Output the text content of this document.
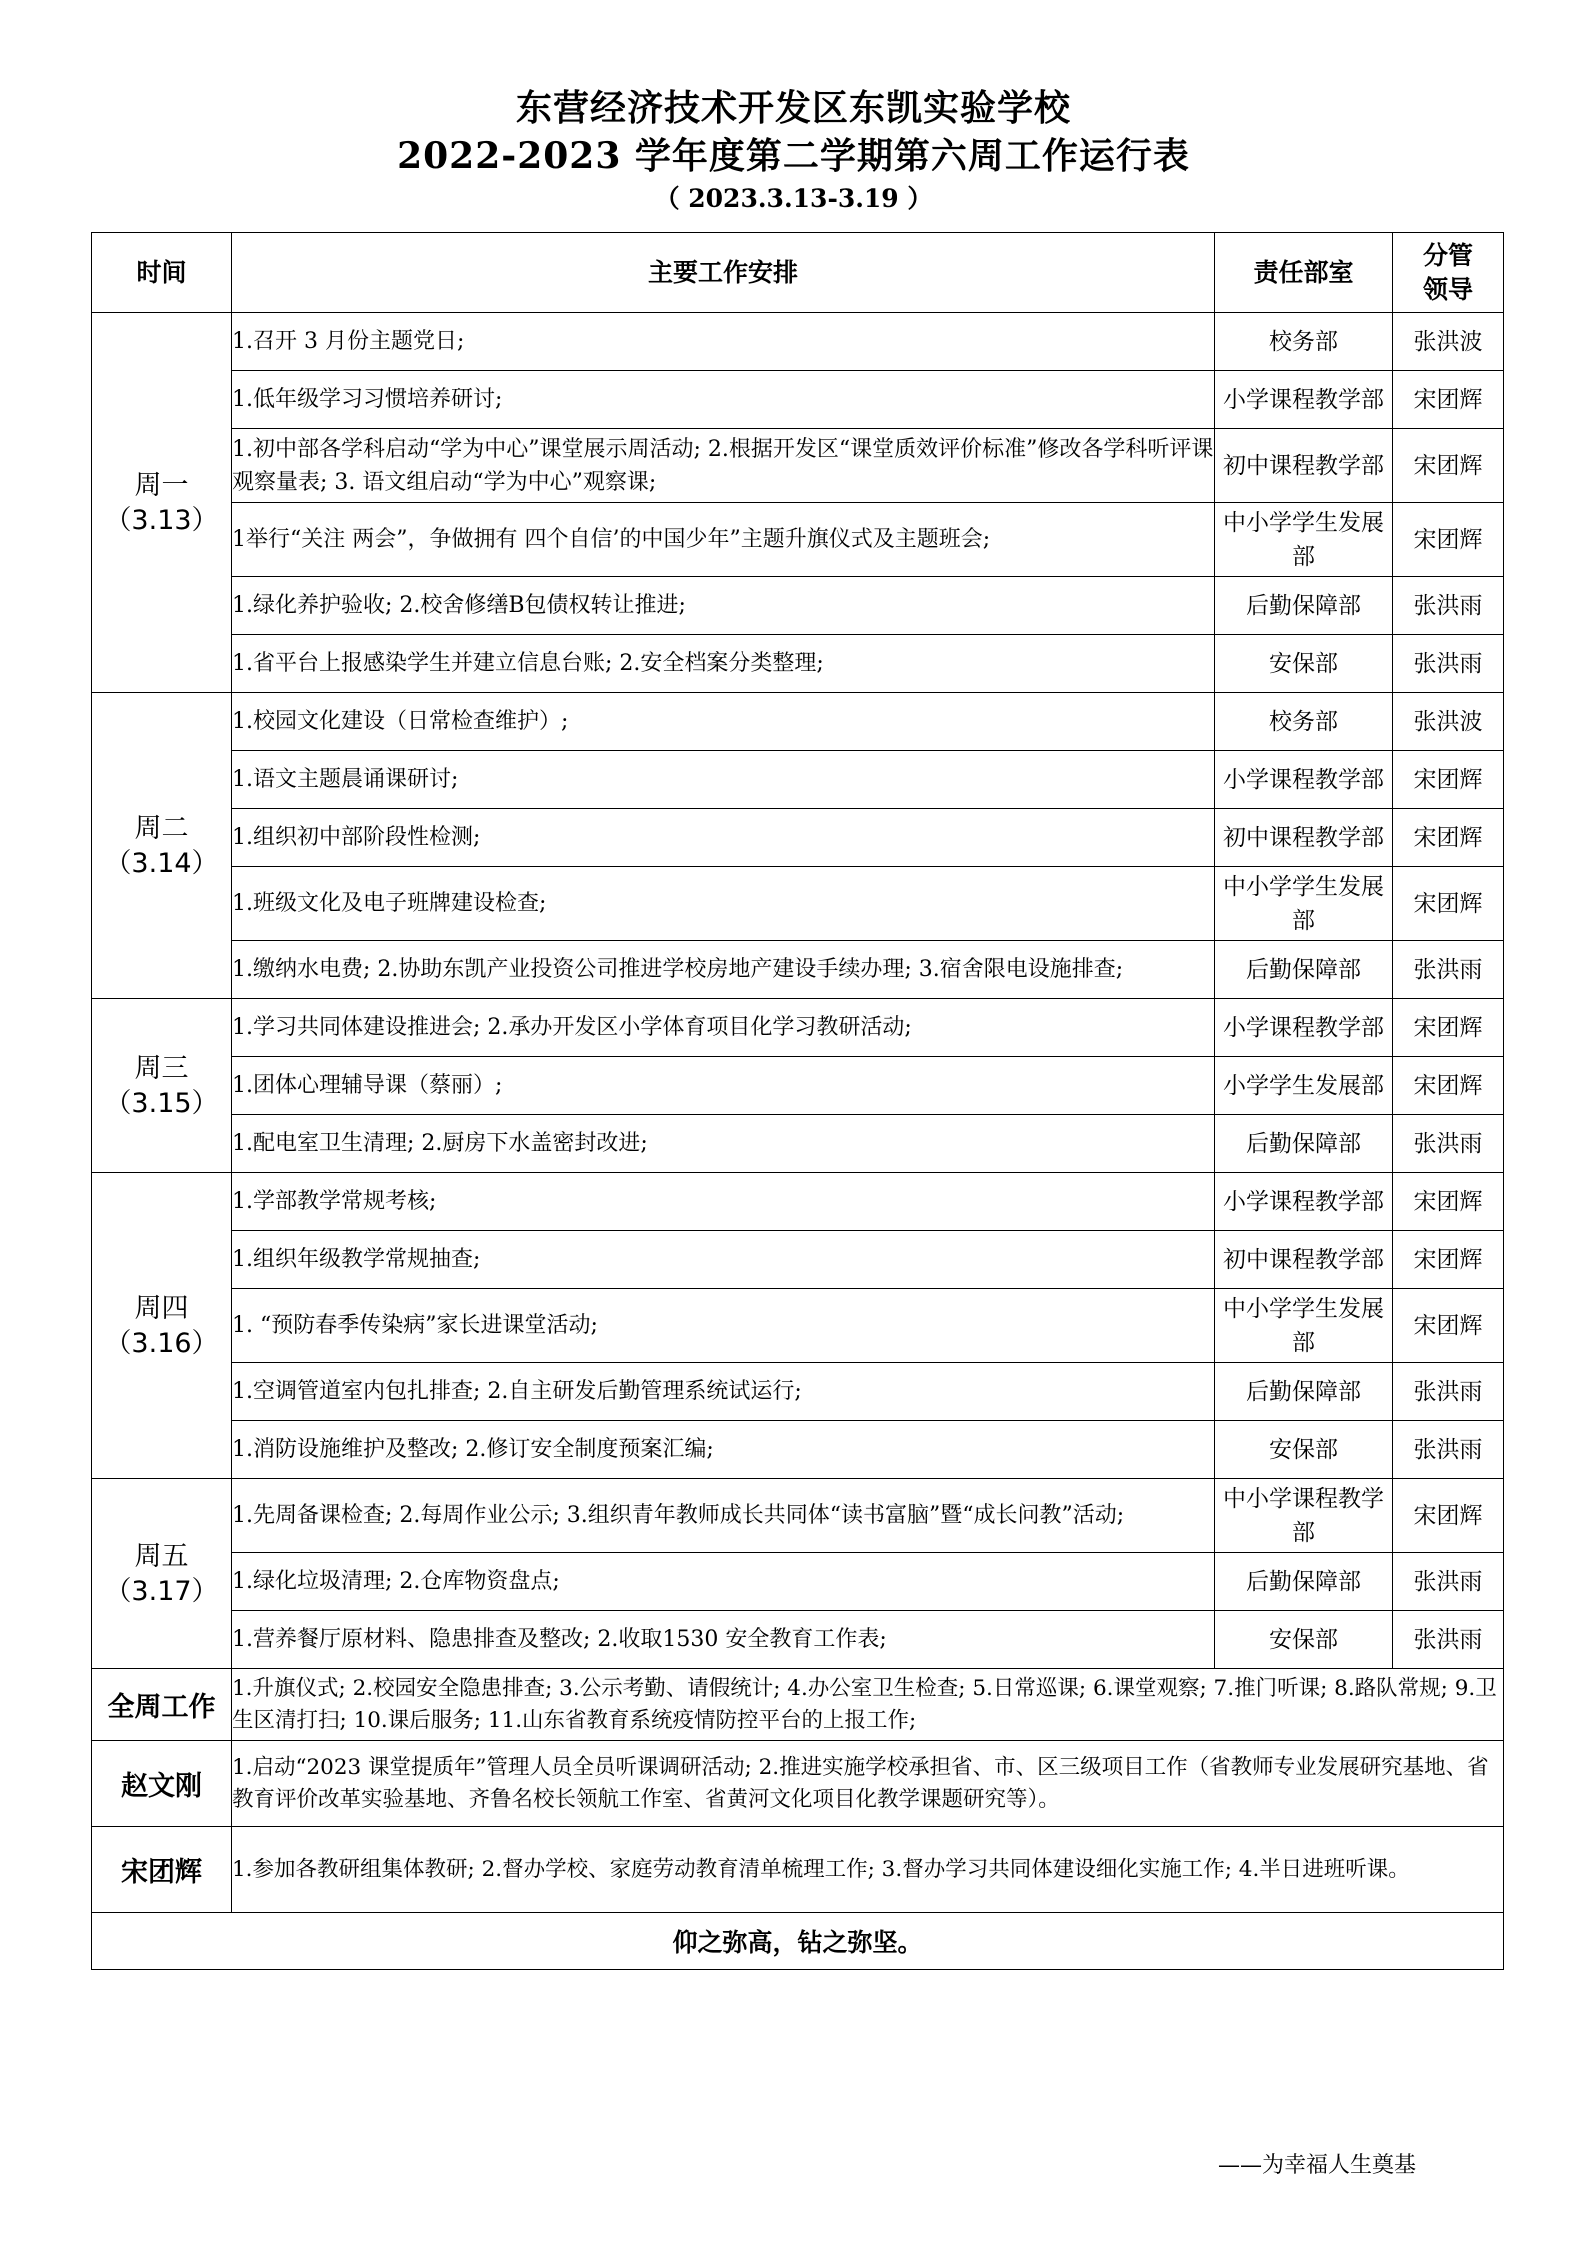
东营经济技术开发区东凯实验学校
2022-2023 学年度第二学期第六周工作运行表
（ 2023.3.13-3.19 ）
时间	主要工作安排	责任部室	分管领导

周一
（3.13）	1.召开 3 月份主题党日;	校务部	张洪波
	1.低年级学习习惯培养研讨;	小学课程教学部	宋团辉
	1.初中部各学科启动“学为中心”课堂展示周活动; 2.根据开发区“课堂质效评价标准”修改各学科听评课观察量表; 3. 语文组启动“学为中心”观察课;	初中课程教学部	宋团辉
	1举行“关注 两会”，争做拥有 四个自信’的中国少年”主题升旗仪式及主题班会;	中小学学生发展部	宋团辉
	1.绿化养护验收; 2.校舍修缮B包债权转让推进;	后勤保障部	张洪雨
	1.省平台上报感染学生并建立信息台账; 2.安全档案分类整理;	安保部	张洪雨

周二
（3.14）	1.校园文化建设（日常检查维护）;	校务部	张洪波
	1.语文主题晨诵课研讨;	小学课程教学部	宋团辉
	1.组织初中部阶段性检测;	初中课程教学部	宋团辉
	1.班级文化及电子班牌建设检查;	中小学学生发展部	宋团辉
	1.缴纳水电费; 2.协助东凯产业投资公司推进学校房地产建设手续办理; 3.宿舍限电设施排查;	后勤保障部	张洪雨

周三
（3.15）	1.学习共同体建设推进会; 2.承办开发区小学体育项目化学习教研活动;	小学课程教学部	宋团辉
	1.团体心理辅导课（蔡丽）;	小学学生发展部	宋团辉
	1.配电室卫生清理; 2.厨房下水盖密封改进;	后勤保障部	张洪雨

周四
（3.16）	1.学部教学常规考核;	小学课程教学部	宋团辉
	1.组织年级教学常规抽查;	初中课程教学部	宋团辉
	1. “预防春季传染病”家长进课堂活动;	中小学学生发展部	宋团辉
	1.空调管道室内包扎排查; 2.自主研发后勤管理系统试运行;	后勤保障部	张洪雨
	1.消防设施维护及整改; 2.修订安全制度预案汇编;	安保部	张洪雨

周五
（3.17）	1.先周备课检查; 2.每周作业公示; 3.组织青年教师成长共同体“读书富脑”暨“成长问教”活动;	中小学课程教学部	宋团辉
	1.绿化垃圾清理; 2.仓库物资盘点;	后勤保障部	张洪雨
	1.营养餐厅原材料、隐患排查及整改; 2.收取1530 安全教育工作表;	安保部	张洪雨
全周工作	1.升旗仪式; 2.校园安全隐患排查; 3.公示考勤、请假统计; 4.办公室卫生检查; 5.日常巡课; 6.课堂观察; 7.推门听课; 8.路队常规; 9.卫生区清打扫; 10.课后服务; 11.山东省教育系统疫情防控平台的上报工作;		
赵文刚	1.启动“2023 课堂提质年”管理人员全员听课调研活动; 2.推进实施学校承担省、市、区三级项目工作（省教师专业发展研究基地、省教育评价改革实验基地、齐鲁名校长领航工作室、省黄河文化项目化教学课题研究等）。		
宋团辉	1.参加各教研组集体教研; 2.督办学校、家庭劳动教育清单梳理工作; 3.督办学习共同体建设细化实施工作; 4.半日进班听课。		
仰之弥高，钻之弥坚。			
——为幸福人生奠基
